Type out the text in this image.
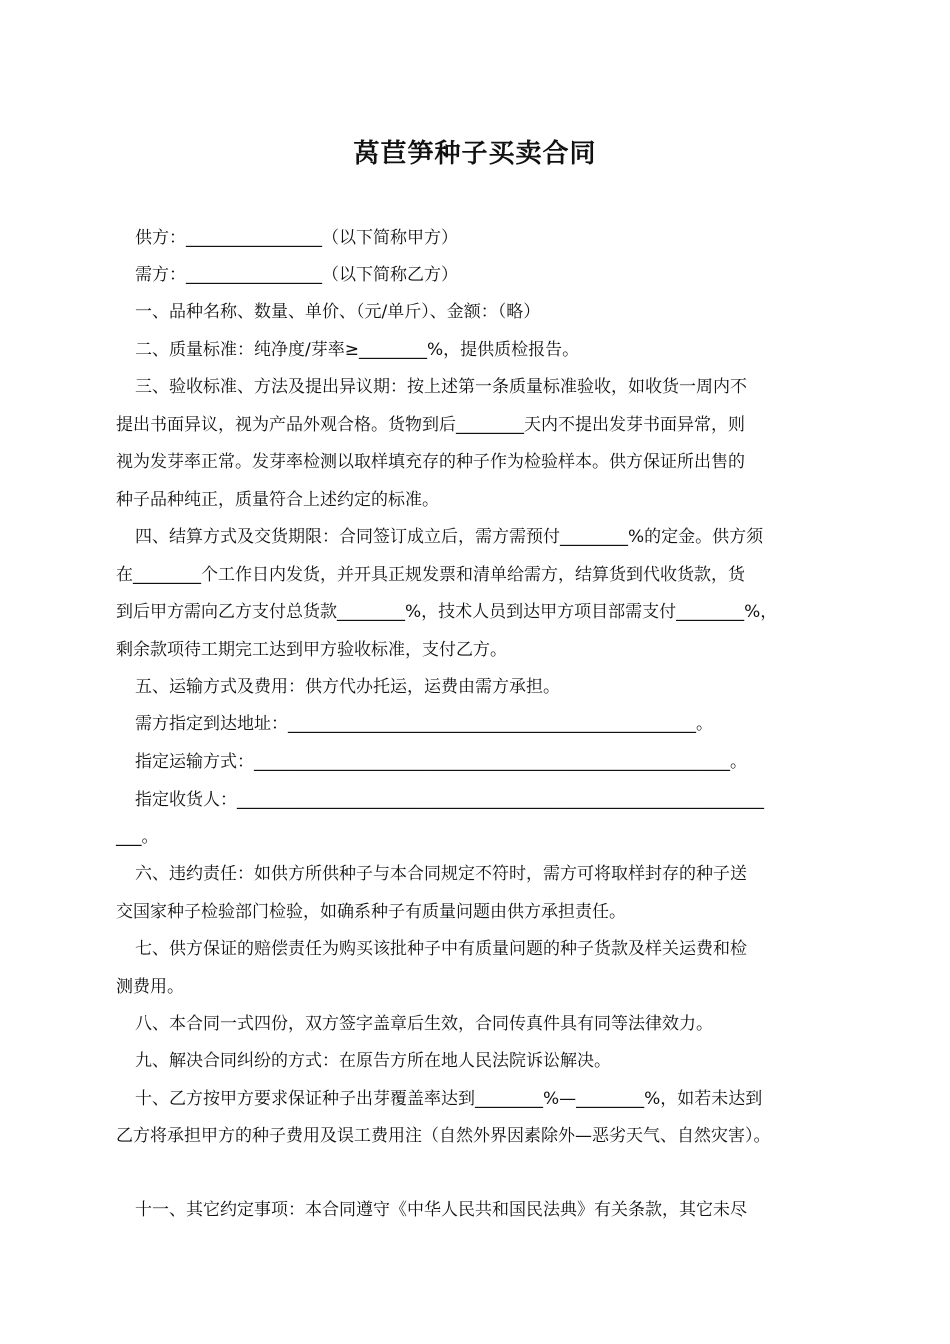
莴苣笋种子买卖合同
供方：________________（以下简称甲方）
需方：________________（以下简称乙方）
一、品种名称、数量、单价、（元/单斤）、金额：（略）
二、质量标准：纯净度/芽率≥________%，提供质检报告。
三、验收标准、方法及提出异议期：按上述第一条质量标准验收，如收货一周内不
提出书面异议，视为产品外观合格。货物到后________天内不提出发芽书面异常，则
视为发芽率正常。发芽率检测以取样填充存的种子作为检验样本。供方保证所出售的
种子品种纯正，质量符合上述约定的标准。
四、结算方式及交货期限：合同签订成立后，需方需预付________%的定金。供方须
在________个工作日内发货，并开具正规发票和清单给需方，结算货到代收货款，货
到后甲方需向乙方支付总货款________%，技术人员到达甲方项目部需支付________%，
剩余款项待工期完工达到甲方验收标准，支付乙方。
五、运输方式及费用：供方代办托运，运费由需方承担。
需方指定到达地址：________________________________________________。
指定运输方式：________________________________________________________。
指定收货人：______________________________________________________________
___。
六、违约责任：如供方所供种子与本合同规定不符时，需方可将取样封存的种子送
交国家种子检验部门检验，如确系种子有质量问题由供方承担责任。
七、供方保证的赔偿责任为购买该批种子中有质量问题的种子货款及样关运费和检
测费用。
八、本合同一式四份，双方签字盖章后生效，合同传真件具有同等法律效力。
九、解决合同纠纷的方式：在原告方所在地人民法院诉讼解决。
十、乙方按甲方要求保证种子出芽覆盖率达到________%—________%，如若未达到
乙方将承担甲方的种子费用及误工费用注（自然外界因素除外—恶劣天气、自然灾害）。
十一、其它约定事项：本合同遵守《中华人民共和国民法典》有关条款，其它未尽
